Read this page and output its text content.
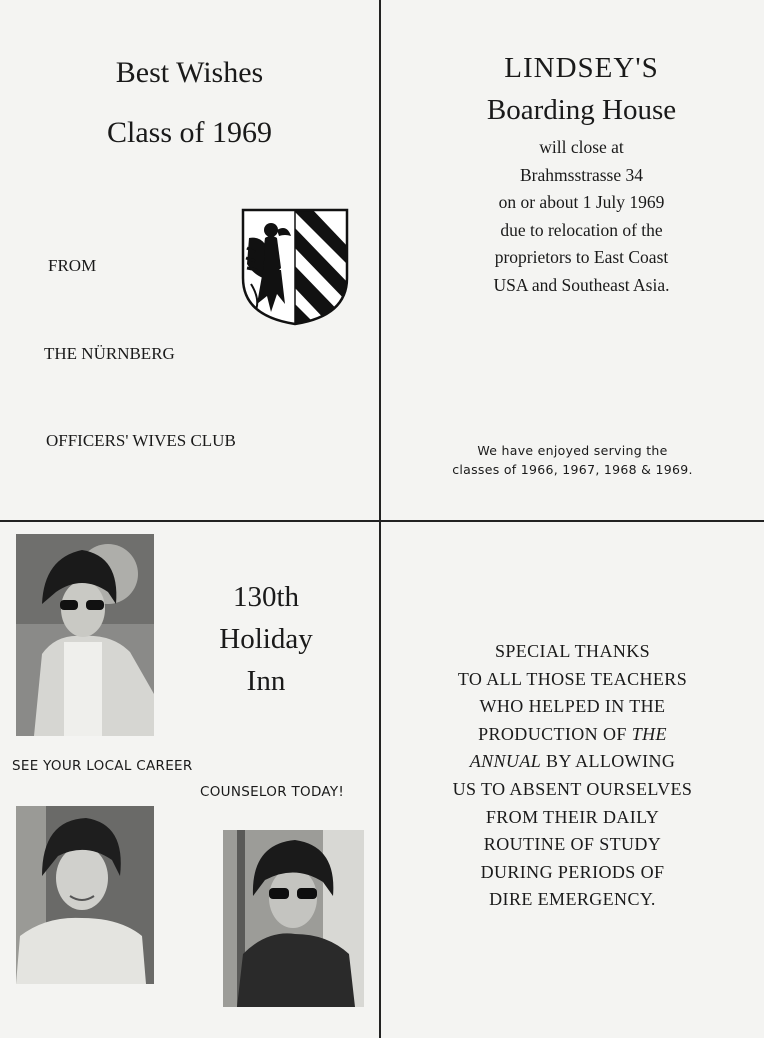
Best Wishes
Class of 1969
FROM
THE NÜRNBERG
OFFICERS' WIVES CLUB
LINDSEY'S
Boarding House
will close at
Brahmsstrasse 34
on or about 1 July 1969
due to relocation of the
proprietors to East Coast
USA and Southeast Asia.
We have enjoyed serving the
classes of 1966, 1967, 1968 & 1969.
130th
Holiday
Inn
SEE YOUR LOCAL CAREER
COUNSELOR TODAY!
SPECIAL THANKS
TO ALL THOSE TEACHERS
WHO HELPED IN THE
PRODUCTION OF THE
ANNUAL BY ALLOWING
US TO ABSENT OURSELVES
FROM THEIR DAILY
ROUTINE OF STUDY
DURING PERIODS OF
DIRE EMERGENCY.
